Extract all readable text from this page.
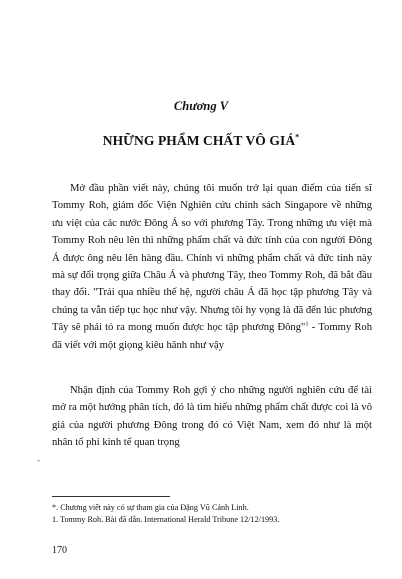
Chương V

NHỮNG PHẨM CHẤT VÔ GIÁ*

Mở đầu phần viết này, chúng tôi muốn trở lại quan điểm của tiến sĩ Tommy Roh, giám đốc Viện Nghiên cứu chính sách Singapore về những ưu việt của các nước Đông Á so với phương Tây. Trong những ưu việt mà Tommy Roh nêu lên thì những phẩm chất và đức tính của con người Đông Á được ông nêu lên hàng đầu. Chính vì những phẩm chất và đức tính này mà sự đối trọng giữa Châu Á và phương Tây, theo Tommy Roh, đã bắt đầu thay đổi. "Trải qua nhiều thế hệ, người châu Á đã học tập phương Tây và chúng ta vẫn tiếp tục học như vậy. Nhưng tôi hy vọng là đã đến lúc phương Tây sẽ phải tỏ ra mong muốn được học tập phương Đông"$^1$ - Tommy Roh đã viết với một giọng kiêu hãnh như vậy

Nhận định của Tommy Roh gợi ý cho những người nghiên cứu để tài mở ra một hướng phân tích, đó là tìm hiểu những phẩm chất được coi là vô giá của người phương Đông trong đó có Việt Nam, xem đó như là một nhân tố phi kinh tế quan trọng

-

*. Chương viết này có sự tham gia của Đặng Vũ Cảnh Linh.

1. Tommy Roh. Bài đã dẫn. International Herald Tribune 12/12/1993.

170
